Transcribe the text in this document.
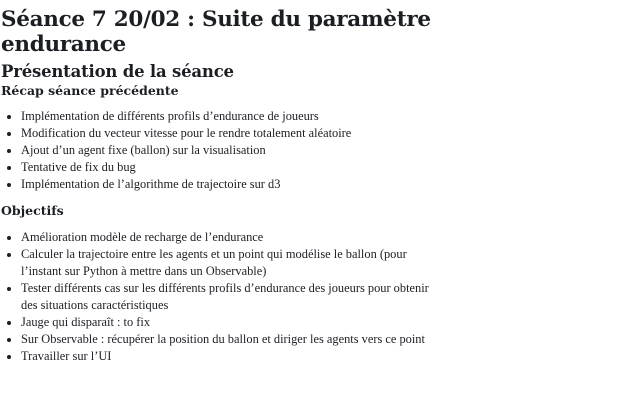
Séance 7 20/02 : Suite du paramètre endurance
Présentation de la séance
Récap séance précédente
Implémentation de différents profils d’endurance de joueurs
Modification du vecteur vitesse pour le rendre totalement aléatoire
Ajout d’un agent fixe (ballon) sur la visualisation
Tentative de fix du bug
Implémentation de l’algorithme de trajectoire sur d3
Objectifs
Amélioration modèle de recharge de l’endurance
Calculer la trajectoire entre les agents et un point qui modélise le ballon (pour l’instant sur Python à mettre dans un Observable)
Tester différents cas sur les différents profils d’endurance des joueurs pour obtenir des situations caractéristiques
Jauge qui disparaît : to fix
Sur Observable : récupérer la position du ballon et diriger les agents vers ce point
Travailler sur l’UI
